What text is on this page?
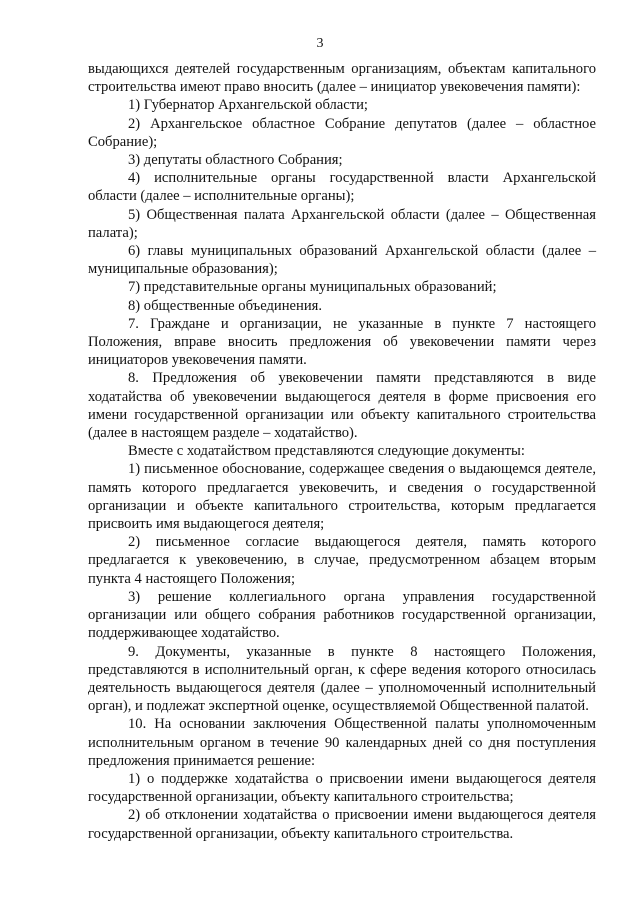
3

выдающихся деятелей государственным организациям, объектам капитального строительства имеют право вносить (далее – инициатор увековечения памяти):

1) Губернатор Архангельской области;

2) Архангельское областное Собрание депутатов (далее – областное Собрание);

3) депутаты областного Собрания;

4) исполнительные органы государственной власти Архангельской области (далее – исполнительные органы);

5) Общественная палата Архангельской области (далее – Общественная палата);

6) главы муниципальных образований Архангельской области (далее – муниципальные образования);

7) представительные органы муниципальных образований;

8) общественные объединения.

7. Граждане и организации, не указанные в пункте 7 настоящего Положения, вправе вносить предложения об увековечении памяти через инициаторов увековечения памяти.

8. Предложения об увековечении памяти представляются в виде ходатайства об увековечении выдающегося деятеля в форме присвоения его имени государственной организации или объекту капитального строительства (далее в настоящем разделе – ходатайство).

Вместе с ходатайством представляются следующие документы:

1) письменное обоснование, содержащее сведения о выдающемся деятеле, память которого предлагается увековечить, и сведения о государственной организации и объекте капитального строительства, которым предлагается присвоить имя выдающегося деятеля;

2) письменное согласие выдающегося деятеля, память которого предлагается к увековечению, в случае, предусмотренном абзацем вторым пункта 4 настоящего Положения;

3) решение коллегиального органа управления государственной организации или общего собрания работников государственной организации, поддерживающее ходатайство.

9. Документы, указанные в пункте 8 настоящего Положения, представляются в исполнительный орган, к сфере ведения которого относилась деятельность выдающегося деятеля (далее – уполномоченный исполнительный орган), и подлежат экспертной оценке, осуществляемой Общественной палатой.

10. На основании заключения Общественной палаты уполномоченным исполнительным органом в течение 90 календарных дней со дня поступления предложения принимается решение:

1) о поддержке ходатайства о присвоении имени выдающегося деятеля государственной организации, объекту капитального строительства;

2) об отклонении ходатайства о присвоении имени выдающегося деятеля государственной организации, объекту капитального строительства.
